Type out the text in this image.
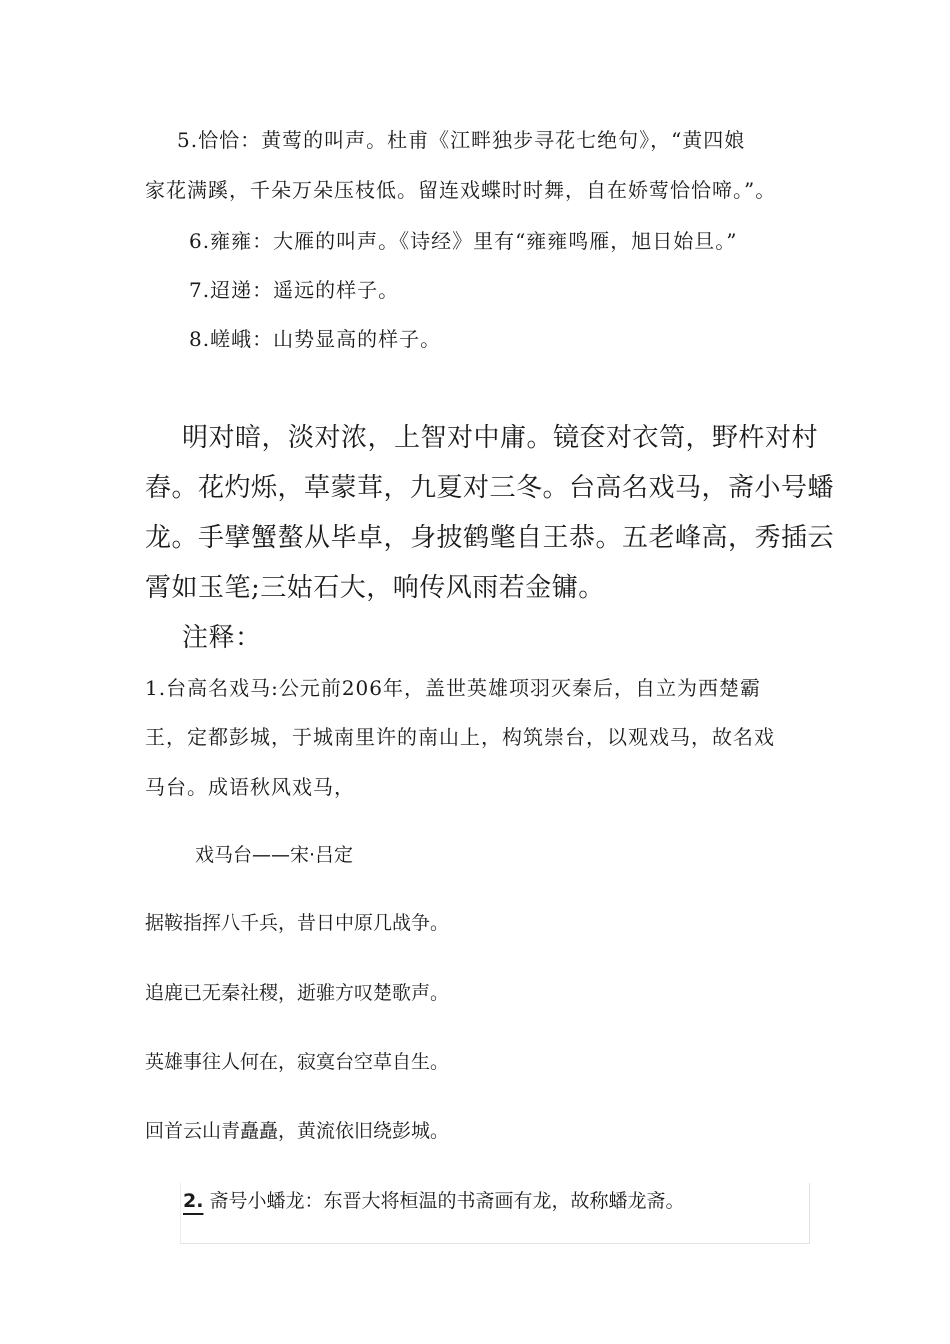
5.恰恰：黄莺的叫声。杜甫《江畔独步寻花七绝句》，“黄四娘

家花满蹊，千朵万朵压枝低。留连戏蝶时时舞，自在娇莺恰恰啼。”。

6.雍雍：大雁的叫声。《诗经》里有“雍雍鸣雁，旭日始旦。”

7.迢递：遥远的样子。

8.嵯峨：山势显高的样子。

明对暗，淡对浓，上智对中庸。镜奁对衣笥，野杵对村

舂。花灼烁，草蒙茸，九夏对三冬。台高名戏马，斋小号蟠

龙。手擘蟹螯从毕卓，身披鹤氅自王恭。五老峰高，秀插云

霄如玉笔;三姑石大，响传风雨若金镛。

注释：

1.台高名戏马:公元前206年，盖世英雄项羽灭秦后，自立为西楚霸

王，定都彭城，于城南里许的南山上，构筑崇台，以观戏马，故名戏

马台。成语秋风戏马，

戏马台——宋·吕定

据鞍指挥八千兵，昔日中原几战争。

追鹿已无秦社稷，逝骓方叹楚歌声。

英雄事往人何在，寂寞台空草自生。

回首云山青矗矗，黄流依旧绕彭城。

2. 斋号小蟠龙：东晋大将桓温的书斋画有龙，故称蟠龙斋。
